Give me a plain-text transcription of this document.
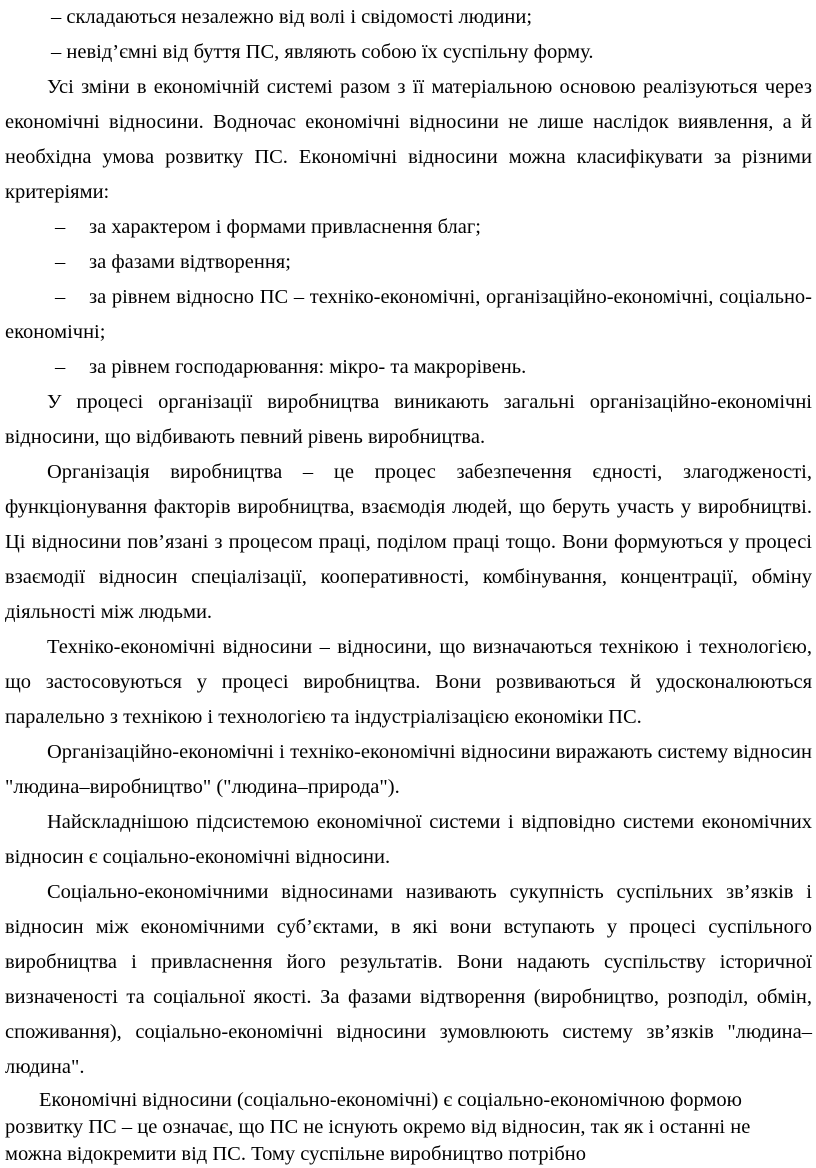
– складаються незалежно від волі і свідомості людини;

– невід’ємні від буття ПС, являють собою їх суспільну форму.

Усі зміни в економічній системі разом з її матеріальною основою реалізуються через економічні відносини. Водночас економічні відносини не лише наслідок виявлення, а й необхідна умова розвитку ПС. Економічні відносини можна класифікувати за різними критеріями:

– за характером і формами привласнення благ;

– за фазами відтворення;

– за рівнем відносно ПС – техніко-економічні, організаційно-економічні, соціально-економічні;

– за рівнем господарювання: мікро- та макрорівень.

У процесі організації виробництва виникають загальні організаційно-економічні відносини, що відбивають певний рівень виробництва.

Організація виробництва – це процес забезпечення єдності, злагодженості, функціонування факторів виробництва, взаємодія людей, що беруть участь у виробництві. Ці відносини пов’язані з процесом праці, поділом праці тощо. Вони формуються у процесі взаємодії відносин спеціалізації, кооперативності, комбінування, концентрації, обміну діяльності між людьми.

Техніко-економічні відносини – відносини, що визначаються технікою і технологією, що застосовуються у процесі виробництва. Вони розвиваються й удосконалюються паралельно з технікою і технологією та індустріалізацією економіки ПС.

Організаційно-економічні і техніко-економічні відносини виражають систему відносин "людина–виробництво" ("людина–природа").

Найскладнішою підсистемою економічної системи і відповідно системи економічних відносин є соціально-економічні відносини.

Соціально-економічними відносинами називають сукупність суспільних зв’язків і відносин між економічними суб’єктами, в які вони вступають у процесі суспільного виробництва і привласнення його результатів. Вони надають суспільству історичної визначеності та соціальної якості. За фазами відтворення (виробництво, розподіл, обмін, споживання), соціально-економічні відносини зумовлюють систему зв’язків "людина–людина".

Економічні відносини (соціально-економічні) є соціально-економічною формою розвитку ПС – це означає, що ПС не існують окремо від відносин, так як і останні не можна відокремити від ПС. Тому суспільне виробництво потрібно
